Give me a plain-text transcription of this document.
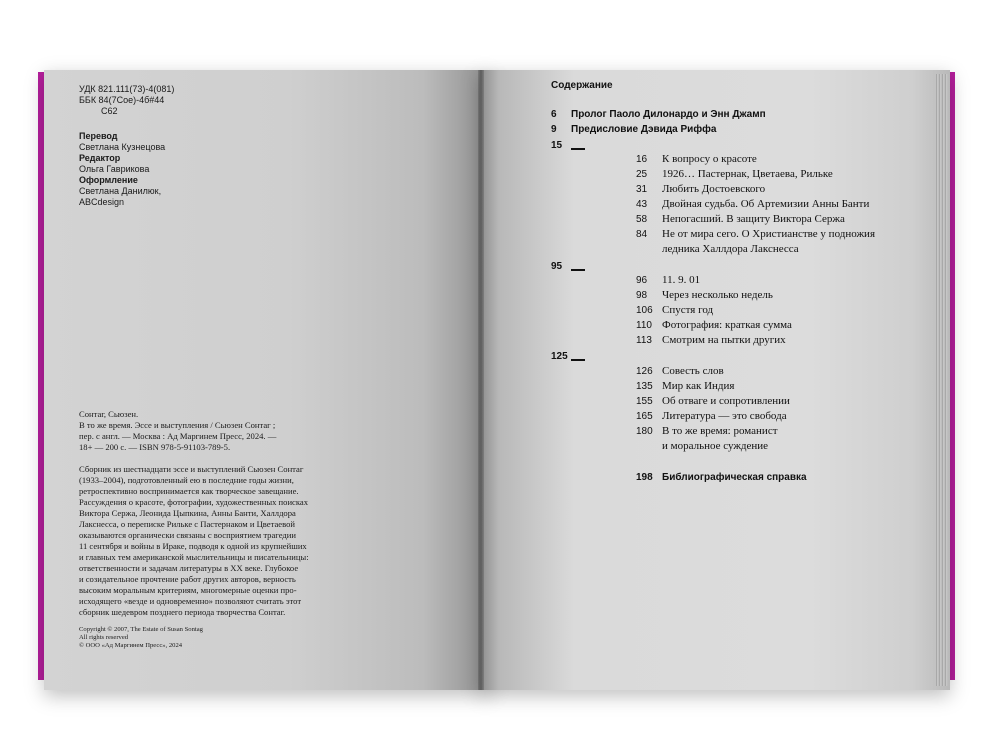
УДК 821.111(73)-4(081)
ББК 84(7Сое)-4б#44
С62
Перевод
Светлана Кузнецова
Редактор
Ольга Гаврикова
Оформление
Светлана Данилюк,
ABCdesign
Сонтаг, Сьюзен.
В то же время. Эссе и выступления / Сьюзен Сонтаг ;
пер. с англ. — Москва : Ад Маргинем Пресс, 2024. —
18+ — 200 с. — ISBN 978-5-91103-789-5.
Сборник из шестнадцати эссе и выступлений Сьюзен Сонтаг
(1933–2004), подготовленный ею в последние годы жизни,
ретроспективно воспринимается как творческое завещание.
Рассуждения о красоте, фотографии, художественных поисках
Виктора Сержа, Леонида Цыпкина, Анны Банти, Халлдора
Лакснесса, о переписке Рильке с Пастернаком и Цветаевой
оказываются органически связаны с восприятием трагедии
11 сентября и войны в Ираке, подводя к одной из крупнейших
и главных тем американской мыслительницы и писательницы:
ответственности и задачам литературы в XX веке. Глубокое
и созидательное прочтение работ других авторов, верность
высоким моральным критериям, многомерные оценки про-
исходящего «везде и одновременно» позволяют считать этот
сборник шедевром позднего периода творчества Сонтаг.
Copyright © 2007, The Estate of Susan Sontag
All rights reserved
© ООО «Ад Маргинем Пресс», 2024
Содержание
6 Пролог Паоло Дилонардо и Энн Джамп
9 Предисловие Дэвида Риффа
15
16 К вопросу о красоте
25 1926… Пастернак, Цветаева, Рильке
31 Любить Достоевского
43 Двойная судьба. Об Артемизии Анны Банти
58 Непогасший. В защиту Виктора Сержа
84 Не от мира сего. О Христианстве у подножия
ледника Халлдора Лакснесса
95
96 11. 9. 01
98 Через несколько недель
106 Спустя год
110 Фотография: краткая сумма
113 Смотрим на пытки других
125
126 Совесть слов
135 Мир как Индия
155 Об отваге и сопротивлении
165 Литература — это свобода
180 В то же время: романист
и моральное суждение
198 Библиографическая справка
